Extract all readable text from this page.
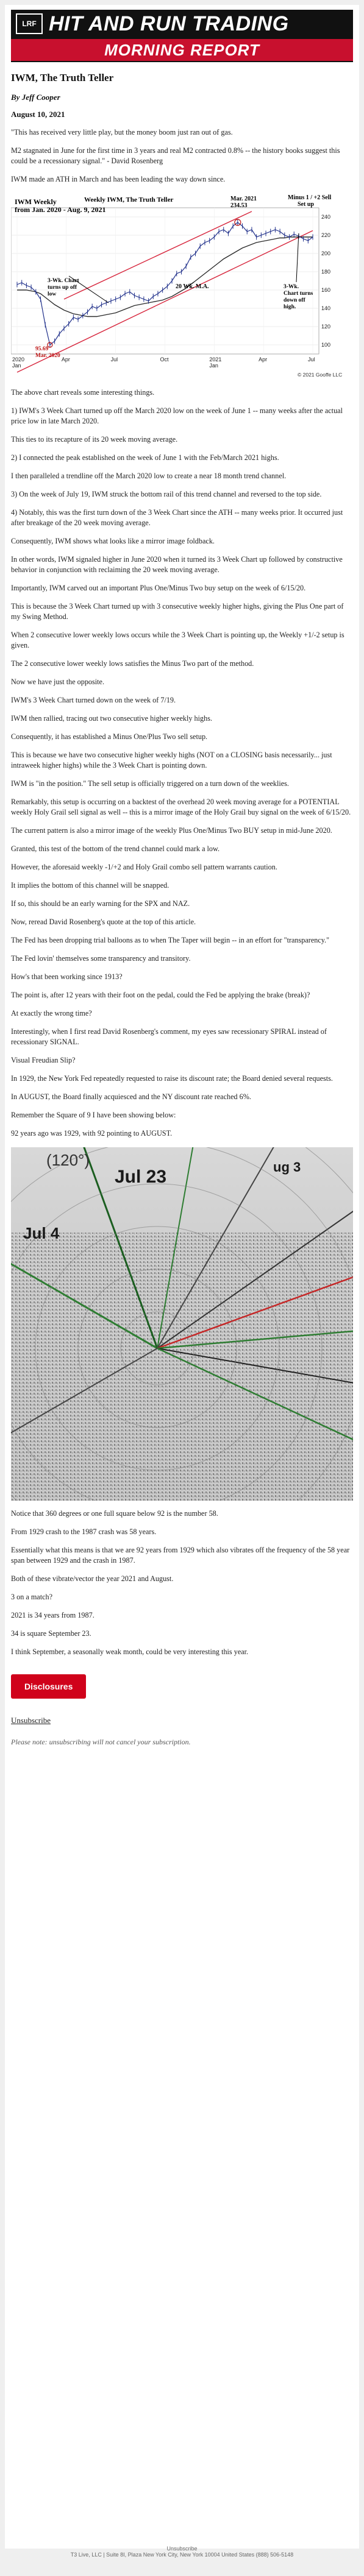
LRF HIT AND RUN TRADING
MORNING REPORT
IWM, The Truth Teller
By Jeff Cooper
August 10, 2021

"This has received very little play, but the money boom just ran out of gas.

M2 stagnated in June for the first time in 3 years and real M2 contracted 0.8% -- the history books suggest this could be a recessionary signal." - David Rosenberg

IWM made an ATH in March and has been leading the way down since.

100
120
140
160
180
200
220
240
2020
Jan
Apr	Jul	Oct	2021
Jan
Apr	Jul
IWM Weekly from Jan. 2020 - Aug. 9, 2021
Weekly IWM, The Truth Teller	Mar. 2021 234.53
Minus 1 / +2 Sell Set up
20 Wk. M.A.
3-Wk. Chart turns up off low
3-Wk. Chart turns down off high.
95.69 Mar. 2020
© 2021 Gooffe LLC

The above chart reveals some interesting things.

1) IWM's 3 Week Chart turned up off the March 2020 low on the week of June 1 -- many weeks after the actual price low in late March 2020.

This ties to its recapture of its 20 week moving average.

2) I connected the peak established on the week of June 1 with the Feb/March 2021 highs.

I then paralleled a trendline off the March 2020 low to create a near 18 month trend channel.

3) On the week of July 19, IWM struck the bottom rail of this trend channel and reversed to the top side.

4) Notably, this was the first turn down of the 3 Week Chart since the ATH -- many weeks prior. It occurred just after breakage of the 20 week moving average.

Consequently, IWM shows what looks like a mirror image foldback.

In other words, IWM signaled higher in June 2020 when it turned its 3 Week Chart up followed by constructive behavior in conjunction with reclaiming the 20 week moving average.

Importantly, IWM carved out an important Plus One/Minus Two buy setup on the week of 6/15/20.

This is because the 3 Week Chart turned up with 3 consecutive weekly higher highs, giving the Plus One part of my Swing Method.

When 2 consecutive lower weekly lows occurs while the 3 Week Chart is pointing up, the Weekly +1/-2 setup is given.

The 2 consecutive lower weekly lows satisfies the Minus Two part of the method.

Now we have just the opposite.

IWM's 3 Week Chart turned down on the week of 7/19.

IWM then rallied, tracing out two consecutive higher weekly highs.

Consequently, it has established a Minus One/Plus Two sell setup.

This is because we have two consecutive higher weekly highs (NOT on a CLOSING basis necessarily... just intraweek higher highs) while the 3 Week Chart is pointing down.

IWM is "in the position." The sell setup is officially triggered on a turn down of the weeklies.

Remarkably, this setup is occurring on a backtest of the overhead 20 week moving average for a POTENTIAL weekly Holy Grail sell signal as well -- this is a mirror image of the Holy Grail buy signal on the week of 6/15/20.

The current pattern is also a mirror image of the weekly Plus One/Minus Two BUY setup in mid-June 2020.

Granted, this test of the bottom of the trend channel could mark a low.

However, the aforesaid weekly -1/+2 and Holy Grail combo sell pattern warrants caution.

It implies the bottom of this channel will be snapped.

If so, this should be an early warning for the SPX and NAZ.

Now, reread David Rosenberg's quote at the top of this article.

The Fed has been dropping trial balloons as to when The Taper will begin -- in an effort for "transparency."

The Fed lovin' themselves some transparency and transitory.

How's that been working since 1913?

The point is, after 12 years with their foot on the pedal, could the Fed be applying the brake (break)?

At exactly the wrong time?

Interestingly, when I first read David Rosenberg's comment, my eyes saw recessionary SPIRAL instead of recessionary SIGNAL.

Visual Freudian Slip?

In 1929, the New York Fed repeatedly requested to raise its discount rate; the Board denied several requests.

In AUGUST, the Board finally acquiesced and the NY discount rate reached 6%.

Remember the Square of 9 I have been showing below:

92 years ago was 1929, with 92 pointing to AUGUST.

(120°)
Jul 23	ug 3
Jul 4

Notice that 360 degrees or one full square below 92 is the number 58.

From 1929 crash to the 1987 crash was 58 years.

Essentially what this means is that we are 92 years from 1929 which also vibrates off the frequency of the 58 year span between 1929 and the crash in 1987.

Both of these vibrate/vector the year 2021 and August.

3 on a match?

2021 is 34 years from 1987.

34 is square September 23.

I think September, a seasonally weak month, could be very interesting this year.

Disclosures
Unsubscribe
Please note: unsubscribing will not cancel your subscription.
Unsubscribe
T3 Live, LLC | Suite 8I, Plaza New York City, New York 10004 United States (888) 506-5148
